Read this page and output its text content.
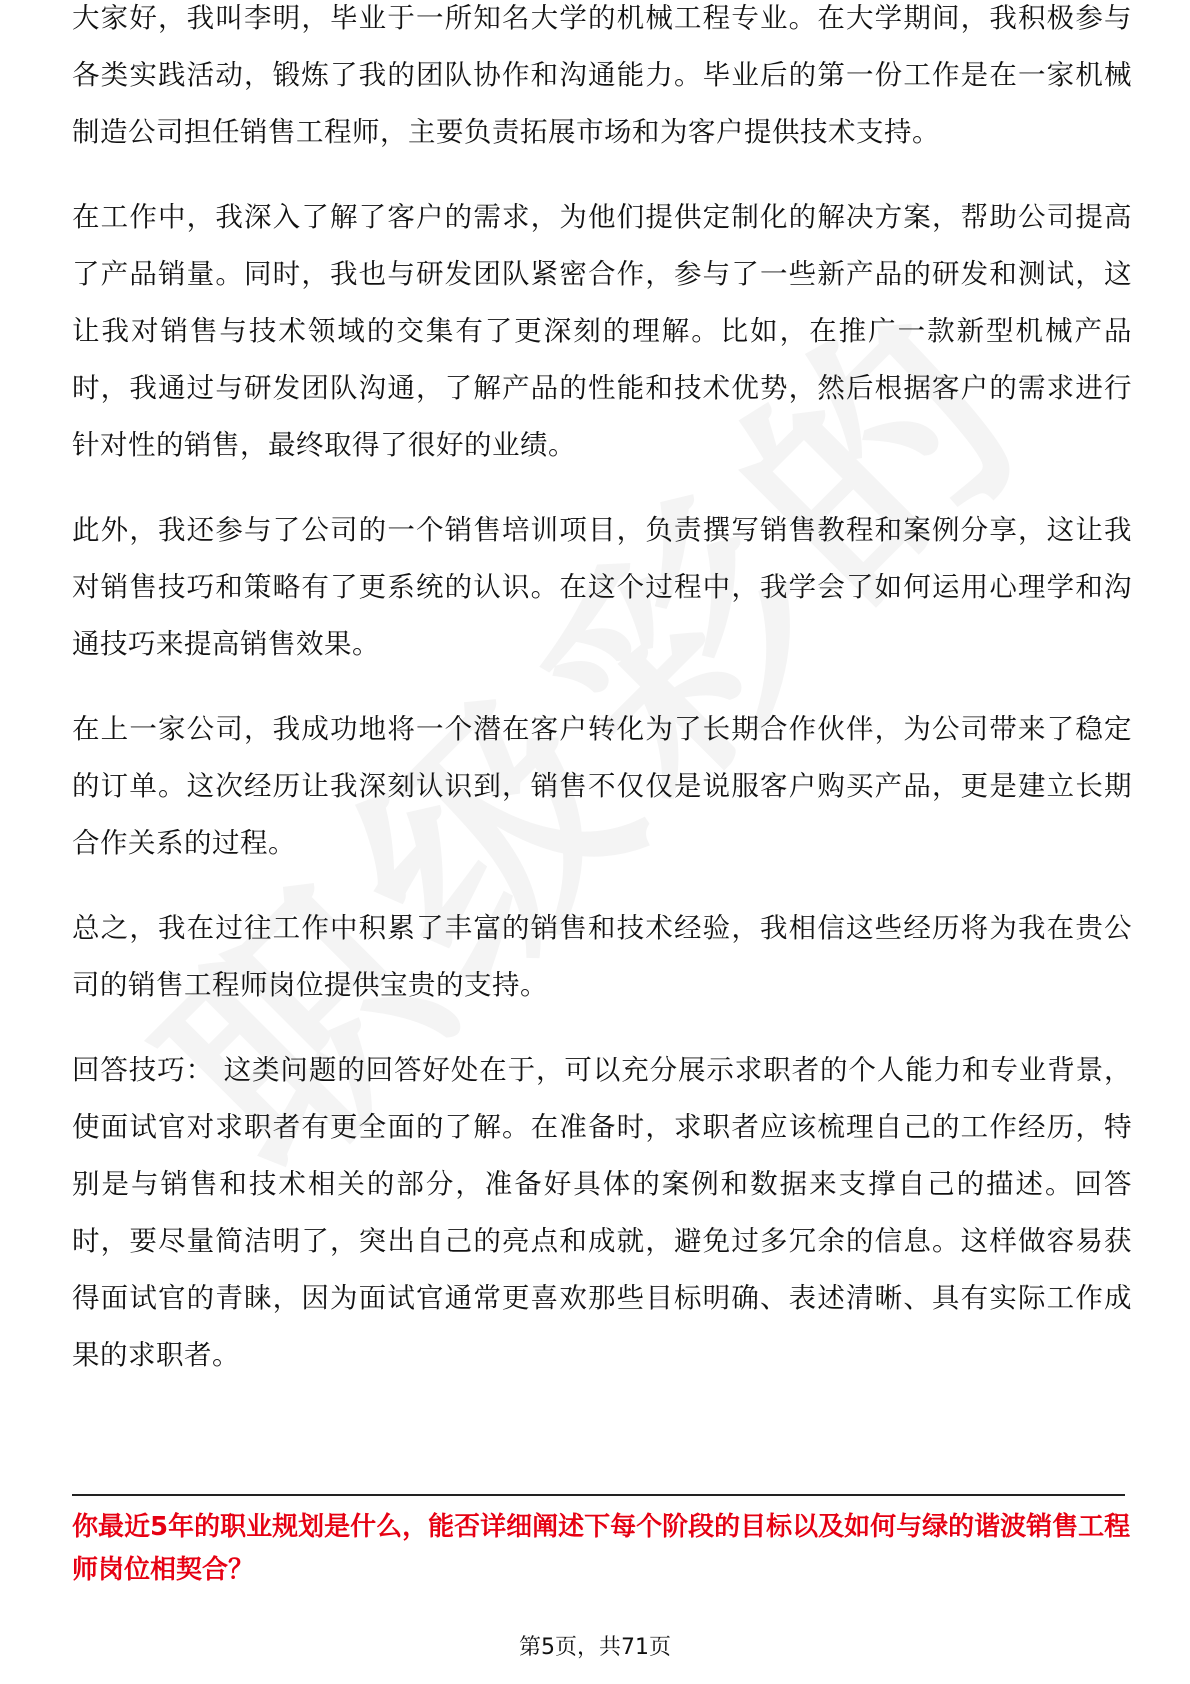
大家好，我叫李明，毕业于一所知名大学的机械工程专业。在大学期间，我积极参与各类实践活动，锻炼了我的团队协作和沟通能力。毕业后的第一份工作是在一家机械制造公司担任销售工程师，主要负责拓展市场和为客户提供技术支持。

在工作中，我深入了解了客户的需求，为他们提供定制化的解决方案，帮助公司提高了产品销量。同时，我也与研发团队紧密合作，参与了一些新产品的研发和测试，这让我对销售与技术领域的交集有了更深刻的理解。比如，在推广一款新型机械产品时，我通过与研发团队沟通，了解产品的性能和技术优势，然后根据客户的需求进行针对性的销售，最终取得了很好的业绩。

此外，我还参与了公司的一个销售培训项目，负责撰写销售教程和案例分享，这让我对销售技巧和策略有了更系统的认识。在这个过程中，我学会了如何运用心理学和沟通技巧来提高销售效果。

在上一家公司，我成功地将一个潜在客户转化为了长期合作伙伴，为公司带来了稳定的订单。这次经历让我深刻认识到，销售不仅仅是说服客户购买产品，更是建立长期合作关系的过程。

总之，我在过往工作中积累了丰富的销售和技术经验，我相信这些经历将为我在贵公司的销售工程师岗位提供宝贵的支持。

回答技巧： 这类问题的回答好处在于，可以充分展示求职者的个人能力和专业背景，使面试官对求职者有更全面的了解。在准备时，求职者应该梳理自己的工作经历，特别是与销售和技术相关的部分，准备好具体的案例和数据来支撑自己的描述。回答时，要尽量简洁明了，突出自己的亮点和成就，避免过多冗余的信息。这样做容易获得面试官的青睐，因为面试官通常更喜欢那些目标明确、表述清晰、具有实际工作成果的求职者。

你最近5年的职业规划是什么，能否详细阐述下每个阶段的目标以及如何与绿的谐波销售工程师岗位相契合？
第5页，共71页
